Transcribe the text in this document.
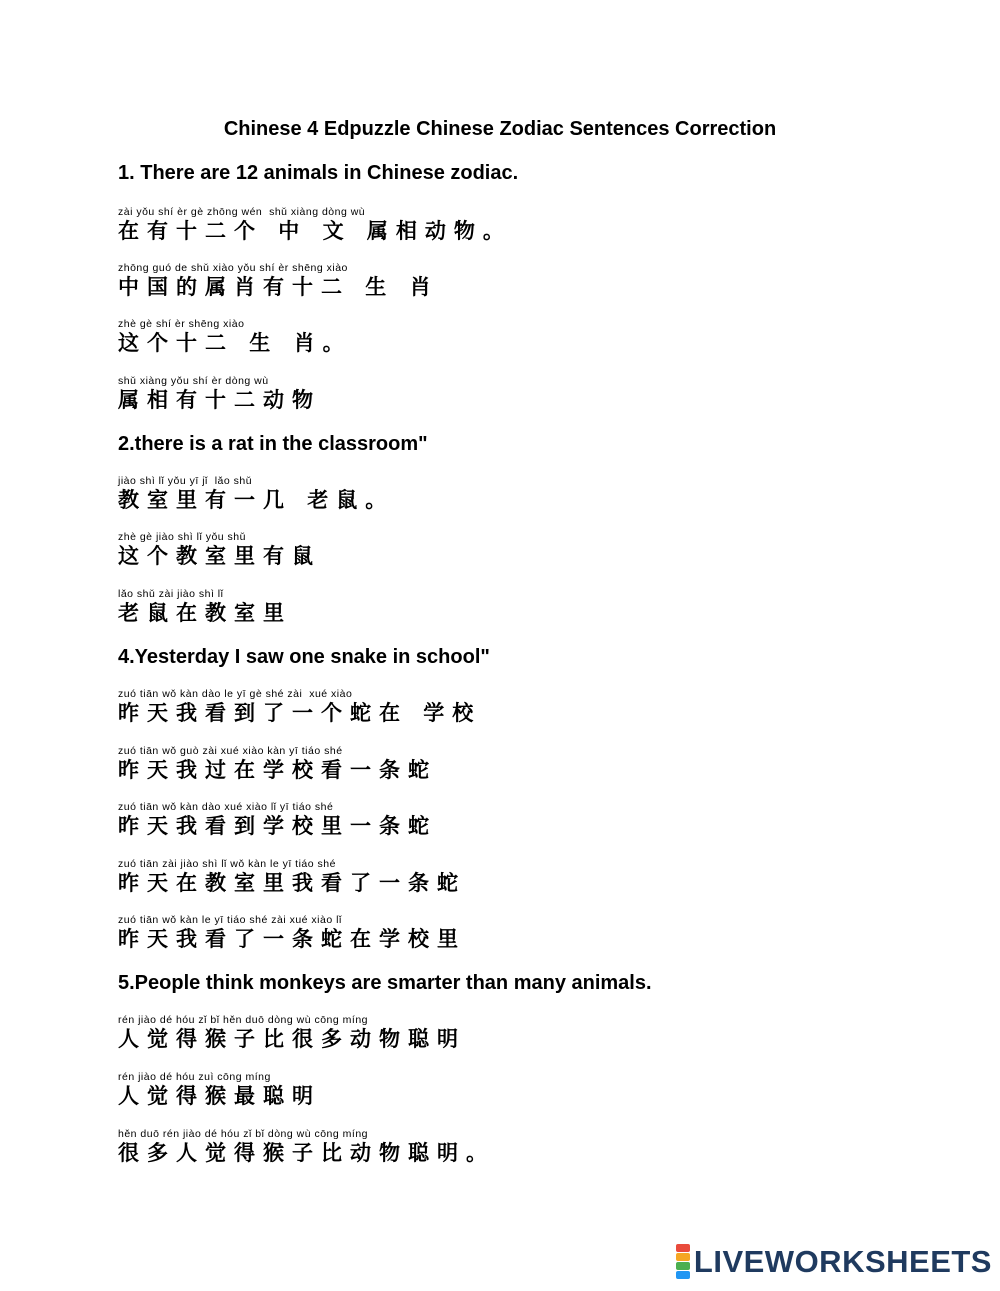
Chinese 4 Edpuzzle Chinese Zodiac Sentences Correction

1. There are 12 animals in Chinese zodiac.

zài yǒu shí èr gè zhōng wén  shǔ xiàng dòng wù
在有十二个 中 文 属相动物。
zhōng guó de shǔ xiào yǒu shí èr shēng xiào
中国的属肖有十二 生 肖
zhè gè shí èr shēng xiào
这个十二 生 肖。
shǔ xiàng yǒu shí èr dòng wù
属相有十二动物

2.there is a rat in the classroom"

jiào shì lǐ yǒu yī jǐ  lǎo shǔ
教室里有一几 老鼠。
zhè gè jiào shì lǐ yǒu shǔ
这个教室里有鼠
lǎo shǔ zài jiào shì lǐ
老鼠在教室里

4.Yesterday I saw one snake in school"

zuó tiān wǒ kàn dào le yī gè shé zài  xué xiào
昨天我看到了一个蛇在 学校
zuó tiān wǒ guò zài xué xiào kàn yī tiáo shé
昨天我过在学校看一条蛇
zuó tiān wǒ kàn dào xué xiào lǐ yī tiáo shé
昨天我看到学校里一条蛇
zuó tiān zài jiào shì lǐ wǒ kàn le yī tiáo shé
昨天在教室里我看了一条蛇
zuó tiān wǒ kàn le yī tiáo shé zài xué xiào lǐ
昨天我看了一条蛇在学校里

5.People think monkeys are smarter than many animals.

rén jiào dé hóu zǐ bǐ hěn duō dòng wù cōng míng
人觉得猴子比很多动物聪明
rén jiào dé hóu zuì cōng míng
人觉得猴最聪明
hěn duō rén jiào dé hóu zǐ bǐ dòng wù cōng míng
很多人觉得猴子比动物聪明。
LIVEWORKSHEETS
